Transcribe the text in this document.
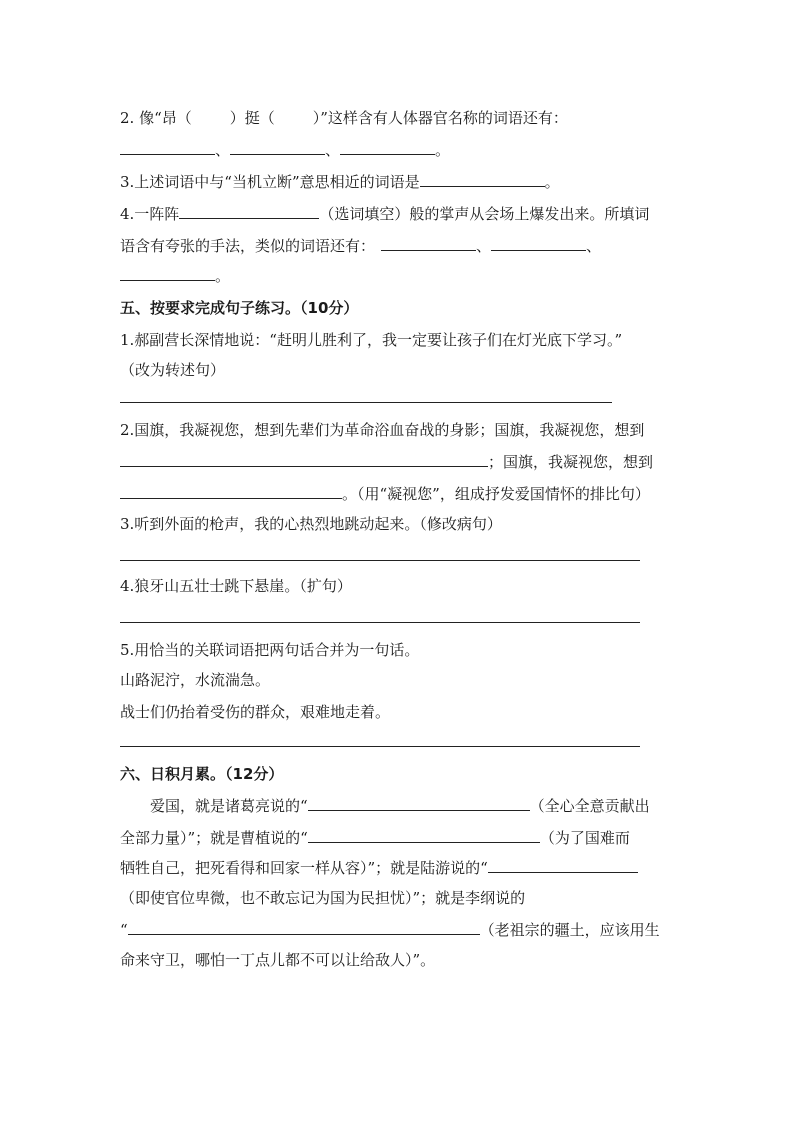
2. 像“昂（	）挺（	）”这样含有人体器官名称的词语还有：
、	、	。
3.上述词语中与“当机立断”意思相近的词语是	。
4.一阵阵	（选词填空）般的掌声从会场上爆发出来。所填词
语含有夸张的手法，类似的词语还有：	、	、
。
五、按要求完成句子练习。（10分）
1.郝副营长深情地说：“赶明儿胜利了，我一定要让孩子们在灯光底下学习。”
（改为转述句）
2.国旗，我凝视您，想到先辈们为革命浴血奋战的身影；国旗，我凝视您，想到
；国旗，我凝视您，想到
。（用“凝视您”，组成抒发爱国情怀的排比句）
3.听到外面的枪声，我的心热烈地跳动起来。（修改病句）
4.狼牙山五壮士跳下悬崖。（扩句）
5.用恰当的关联词语把两句话合并为一句话。
山路泥泞，水流湍急。
战士们仍抬着受伤的群众，艰难地走着。
六、日积月累。（12分）
爱国，就是诸葛亮说的“	（全心全意贡献出
全部力量）”；就是曹植说的“	（为了国难而
牺牲自己，把死看得和回家一样从容）”；就是陆游说的“
（即使官位卑微，也不敢忘记为国为民担忧）”；就是李纲说的
“	（老祖宗的疆土，应该用生
命来守卫，哪怕一丁点儿都不可以让给敌人）”。
